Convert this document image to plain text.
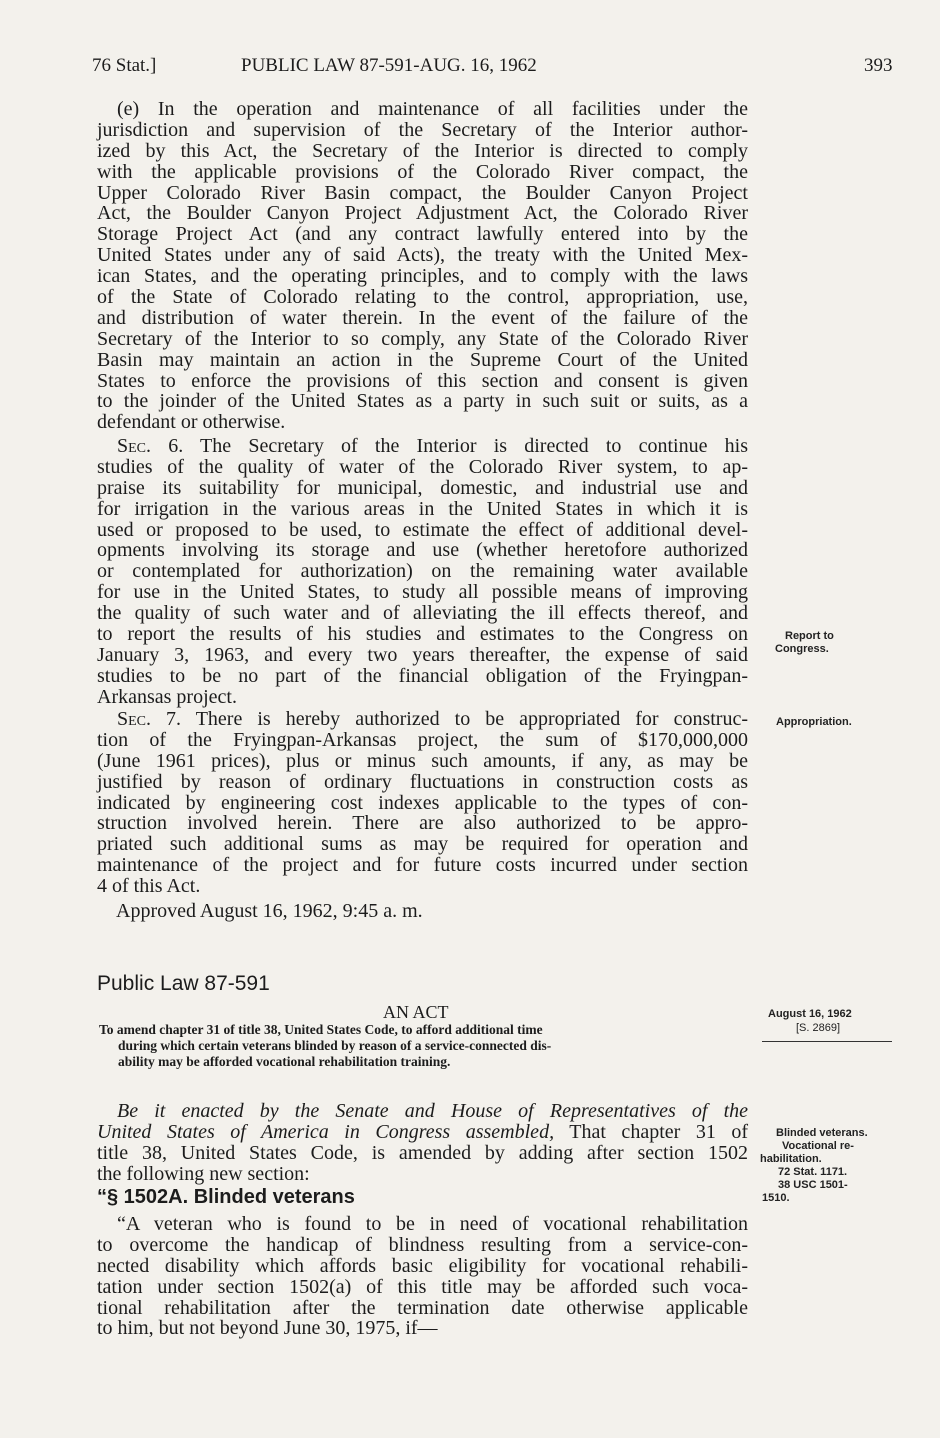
76 Stat.]	PUBLIC LAW 87-591-AUG. 16, 1962	393
(e) In the operation and maintenance of all facilities under the
jurisdiction and supervision of the Secretary of the Interior author-
ized by this Act, the Secretary of the Interior is directed to comply
with the applicable provisions of the Colorado River compact, the
Upper Colorado River Basin compact, the Boulder Canyon Project
Act, the Boulder Canyon Project Adjustment Act, the Colorado River
Storage Project Act (and any contract lawfully entered into by the
United States under any of said Acts), the treaty with the United Mex-
ican States, and the operating principles, and to comply with the laws
of the State of Colorado relating to the control, appropriation, use,
and distribution of water therein. In the event of the failure of the
Secretary of the Interior to so comply, any State of the Colorado River
Basin may maintain an action in the Supreme Court of the United
States to enforce the provisions of this section and consent is given
to the joinder of the United States as a party in such suit or suits, as a
defendant or otherwise.
Sec. 6. The Secretary of the Interior is directed to continue his
studies of the quality of water of the Colorado River system, to ap-
praise its suitability for municipal, domestic, and industrial use and
for irrigation in the various areas in the United States in which it is
used or proposed to be used, to estimate the effect of additional devel-
opments involving its storage and use (whether heretofore authorized
or contemplated for authorization) on the remaining water available
for use in the United States, to study all possible means of improving
the quality of such water and of alleviating the ill effects thereof, and
to report the results of his studies and estimates to the Congress on
January 3, 1963, and every two years thereafter, the expense of said
studies to be no part of the financial obligation of the Fryingpan-
Arkansas project.
Sec. 7. There is hereby authorized to be appropriated for construc-
tion of the Fryingpan-Arkansas project, the sum of $170,000,000
(June 1961 prices), plus or minus such amounts, if any, as may be
justified by reason of ordinary fluctuations in construction costs as
indicated by engineering cost indexes applicable to the types of con-
struction involved herein. There are also authorized to be appro-
priated such additional sums as may be required for operation and
maintenance of the project and for future costs incurred under section
4 of this Act.
Approved August 16, 1962, 9:45 a. m.
Public Law 87-591
AN ACT
To amend chapter 31 of title 38, United States Code, to afford additional time
during which certain veterans blinded by reason of a service-connected dis-
ability may be afforded vocational rehabilitation training.
Be it enacted by the Senate and House of Representatives of the
United States of America in Congress assembled, That chapter 31 of
title 38, United States Code, is amended by adding after section 1502
the following new section:
“§ 1502A. Blinded veterans
“A veteran who is found to be in need of vocational rehabilitation
to overcome the handicap of blindness resulting from a service-con-
nected disability which affords basic eligibility for vocational rehabili-
tation under section 1502(a) of this title may be afforded such voca-
tional rehabilitation after the termination date otherwise applicable
to him, but not beyond June 30, 1975, if—
Report to
Congress.
Appropriation.
August 16, 1962
[S. 2869]
Blinded veterans.
Vocational re-
habilitation.
72 Stat. 1171.
38 USC 1501-
1510.
